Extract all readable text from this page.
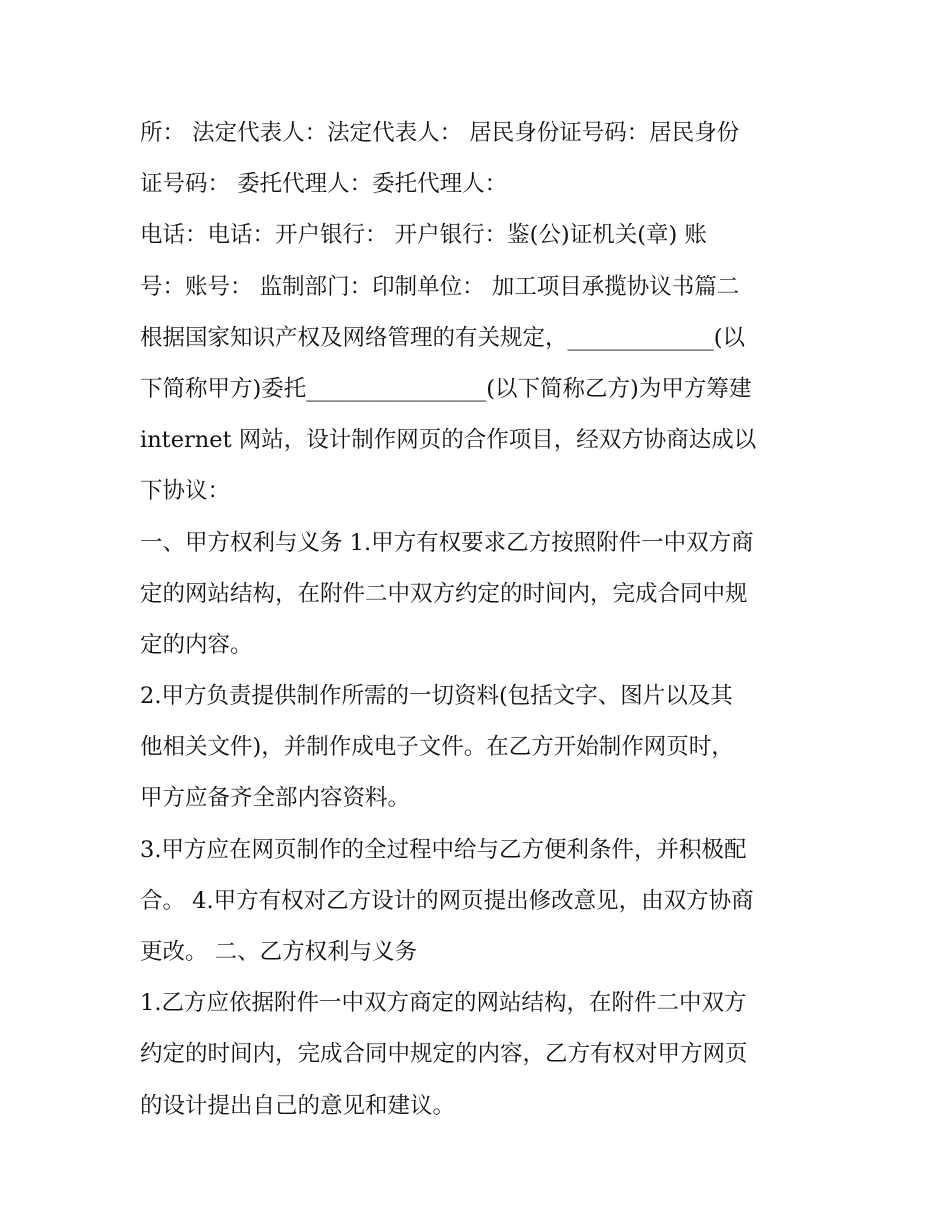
所： 法定代表人：法定代表人： 居民身份证号码：居民身份
证号码： 委托代理人：委托代理人：
电话：电话：开户银行： 开户银行：鉴(公)证机关(章) 账
号：账号： 监制部门：印制单位： 加工项目承揽协议书篇二
根据国家知识产权及网络管理的有关规定，_____________(以
下简称甲方)委托________________(以下简称乙方)为甲方筹建
internet 网站，设计制作网页的合作项目，经双方协商达成以
下协议：
一、甲方权利与义务 1.甲方有权要求乙方按照附件一中双方商
定的网站结构，在附件二中双方约定的时间内，完成合同中规
定的内容。
2.甲方负责提供制作所需的一切资料(包括文字、图片以及其
他相关文件)，并制作成电子文件。在乙方开始制作网页时，
甲方应备齐全部内容资料。
3.甲方应在网页制作的全过程中给与乙方便利条件，并积极配
合。 4.甲方有权对乙方设计的网页提出修改意见，由双方协商
更改。 二、乙方权利与义务
1.乙方应依据附件一中双方商定的网站结构，在附件二中双方
约定的时间内，完成合同中规定的内容，乙方有权对甲方网页
的设计提出自己的意见和建议。
